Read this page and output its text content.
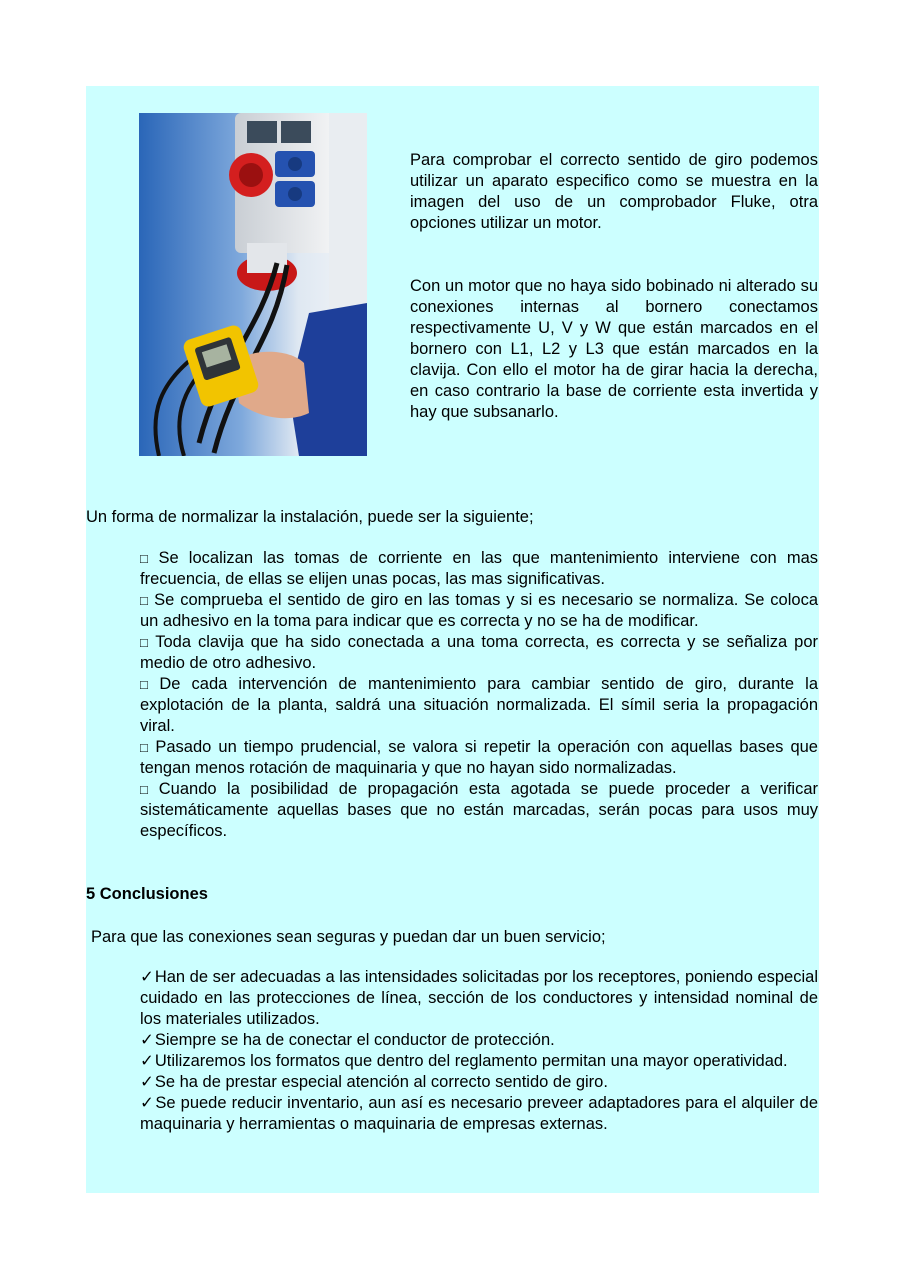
Para comprobar el correcto sentido de giro podemos utilizar un aparato especifico como se muestra en la imagen del uso de un comprobador Fluke, otra opciones utilizar un motor.

Con un motor que no haya sido bobinado ni alterado su conexiones internas al bornero conectamos respectivamente U, V y W que están marcados en el bornero con L1, L2 y L3 que están marcados en la clavija. Con ello el motor ha de girar hacia la derecha, en caso contrario la base de corriente esta invertida y hay que subsanarlo.

Un forma de normalizar la instalación, puede ser la siguiente;

□ Se localizan las tomas de corriente en las que mantenimiento interviene con mas frecuencia, de ellas se elijen unas pocas, las mas significativas.

□ Se comprueba el sentido de giro en las tomas y si es necesario se normaliza. Se coloca un adhesivo en la toma para indicar que es correcta y no se ha de modificar.

□ Toda clavija que ha sido conectada a una toma correcta, es correcta y se señaliza por medio de otro adhesivo.

□ De cada intervención de mantenimiento para cambiar sentido de giro, durante la explotación de la planta, saldrá una situación normalizada. El símil seria la propagación viral.

□ Pasado un tiempo prudencial, se valora si repetir la operación con aquellas bases que tengan menos rotación de maquinaria y que no hayan sido normalizadas.

□ Cuando la posibilidad de propagación esta agotada se puede proceder a verificar sistemáticamente aquellas bases que no están marcadas, serán pocas para usos muy específicos.

5 Conclusiones
Para que las conexiones sean seguras y puedan dar un buen servicio;

✓Han de ser adecuadas a las intensidades solicitadas por los receptores, poniendo especial cuidado en las protecciones de línea, sección de los conductores y intensidad nominal de los materiales utilizados.

✓Siempre se ha de conectar el conductor de protección.

✓Utilizaremos los formatos que dentro del reglamento permitan una mayor operatividad.

✓Se ha de prestar especial atención al correcto sentido de giro.

✓Se puede reducir inventario, aun así es necesario preveer adaptadores para el alquiler de maquinaria y herramientas o maquinaria de empresas externas.
